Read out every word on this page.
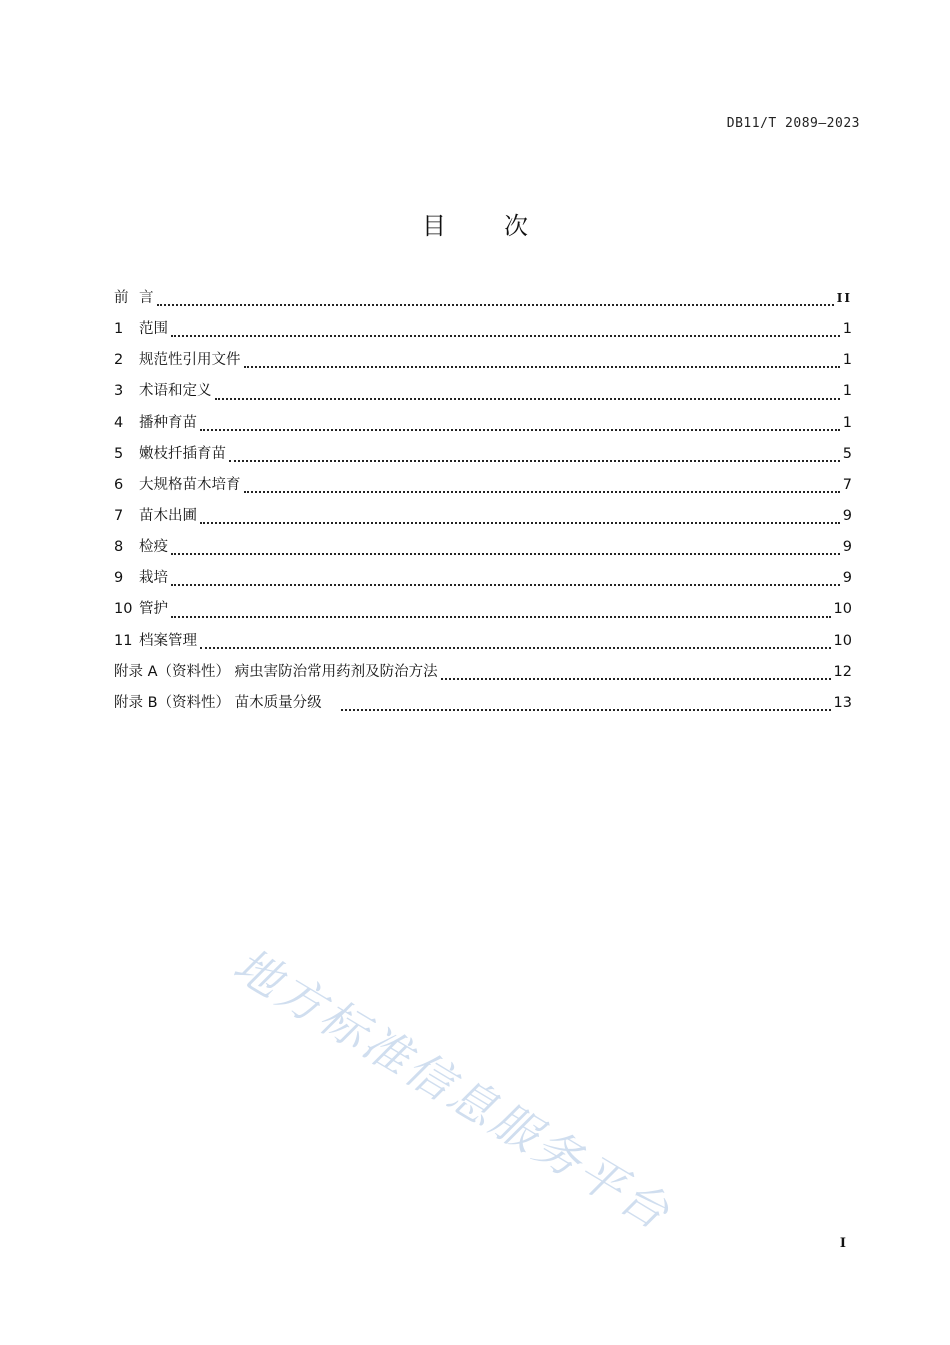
DB11/T 2089—2023
目 次
前 言	II
1	范围	1
2	规范性引用文件	1
3	术语和定义	1
4	播种育苗	1
5	嫩枝扦插育苗	5
6	大规格苗木培育	7
7	苗木出圃	9
8	检疫	9
9	栽培	9
10 管护	10
11 档案管理	10
附录 A （资料性） 病虫害防治常用药剂及防治方法	12
附录 B （资料性） 苗木质量分级	13
地方标准信息服务平台
I
